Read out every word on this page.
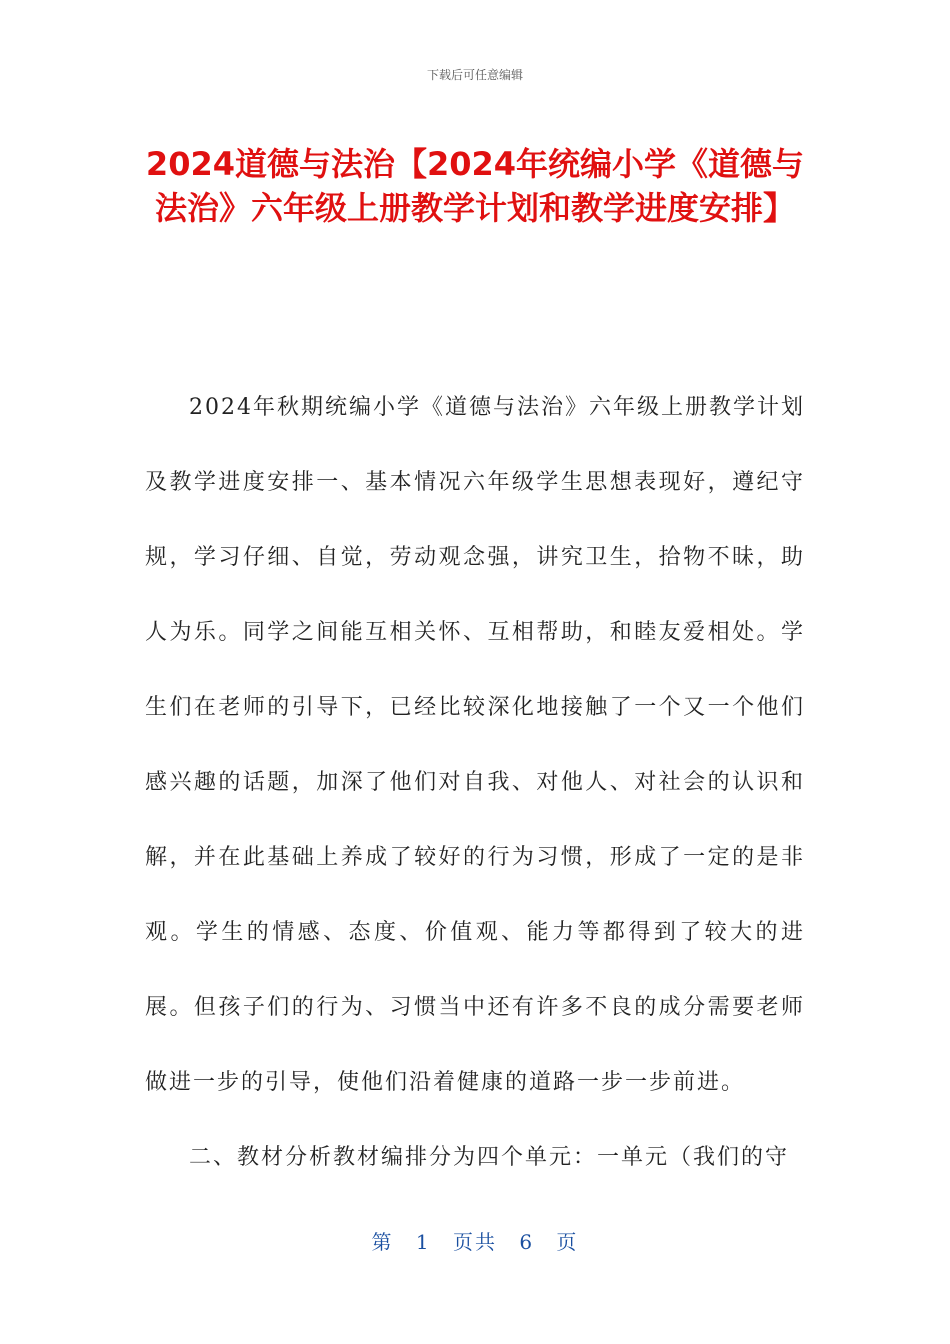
下载后可任意编辑
2024道德与法治【2024年统编小学《道德与法治》六年级上册教学计划和教学进度安排】

2024年秋期统编小学《道德与法治》六年级上册教学计划及教学进度安排一、基本情况六年级学生思想表现好，遵纪守规，学习仔细、自觉，劳动观念强，讲究卫生，拾物不昧，助人为乐。同学之间能互相关怀、互相帮助，和睦友爱相处。学生们在老师的引导下，已经比较深化地接触了一个又一个他们感兴趣的话题，加深了他们对自我、对他人、对社会的认识和解，并在此基础上养成了较好的行为习惯，形成了一定的是非观。学生的情感、态度、价值观、能力等都得到了较大的进展。但孩子们的行为、习惯当中还有许多不良的成分需要老师做进一步的引导，使他们沿着健康的道路一步一步前进。

二、教材分析教材编排分为四个单元：一单元（我们的守

第 1 页共 6 页
